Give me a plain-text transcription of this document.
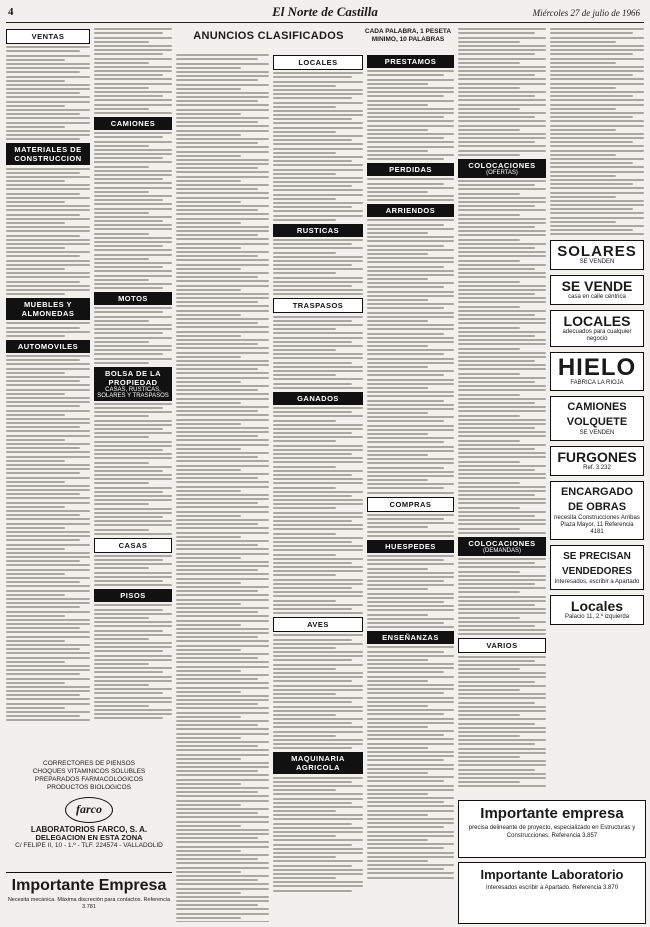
4	El Norte de Castilla	Miércoles 27 de julio de 1966
VENTAS
MATERIALES DE CONSTRUCCION
MUEBLES Y ALMONEDAS
AUTOMOVILES
CAMIONES
MOTOS
BOLSA DE LA PROPIEDAD
CASAS, RUSTICAS, SOLARES Y TRASPASOS
CASAS
PISOS
ANUNCIOS CLASIFICADOS	CADA PALABRA, 1 PESETA MINIMO, 10 PALABRAS
LOCALES
RUSTICAS
TRASPASOS
GANADOS
AVES
MAQUINARIA AGRICOLA
PRESTAMOS
PERDIDAS
ARRIENDOS
COMPRAS
HUESPEDES
ENSEÑANZAS
COLOCACIONES
(OFERTAS)
COLOCACIONES
(DEMANDAS)
VARIOS
SOLARES
SE VENDEN
SE VENDE
casa en calle céntrica
LOCALES
adecuados para cualquier negocio
HIELO
FABRICA LA RIOJA
CAMIONES VOLQUETE
SE VENDEN
FURGONES
Ref. 3.232
ENCARGADO DE OBRAS
necesita Construcciones Arribas Plaza Mayor, 11 Referencia 4181
SE PRECISAN VENDEDORES
Interesados, escribir a Apartado
Locales
Palacio 11, 2.º izquierda
CORRECTORES DE PIENSOS
CHOQUES VITAMINICOS SOLUBLES
PREPARADOS FARMACOLOGICOS
PRODUCTOS BIOLOGICOS
farco
LABORATORIOS FARCO, S. A.
DELEGACION EN ESTA ZONA
C/ FELIPE II, 10 - 1.º - TLF. 224574 - VALLADOLID
Importante Empresa
Necesita mecánica. Máxima discreción para contactos. Referencia 3.781
Importante empresa
precisa delineante de proyecto, especializado en Estructuras y Construcciones. Referencia 3.857
Importante Laboratorio
Interesados escribir a Apartado. Referencia 3.870
